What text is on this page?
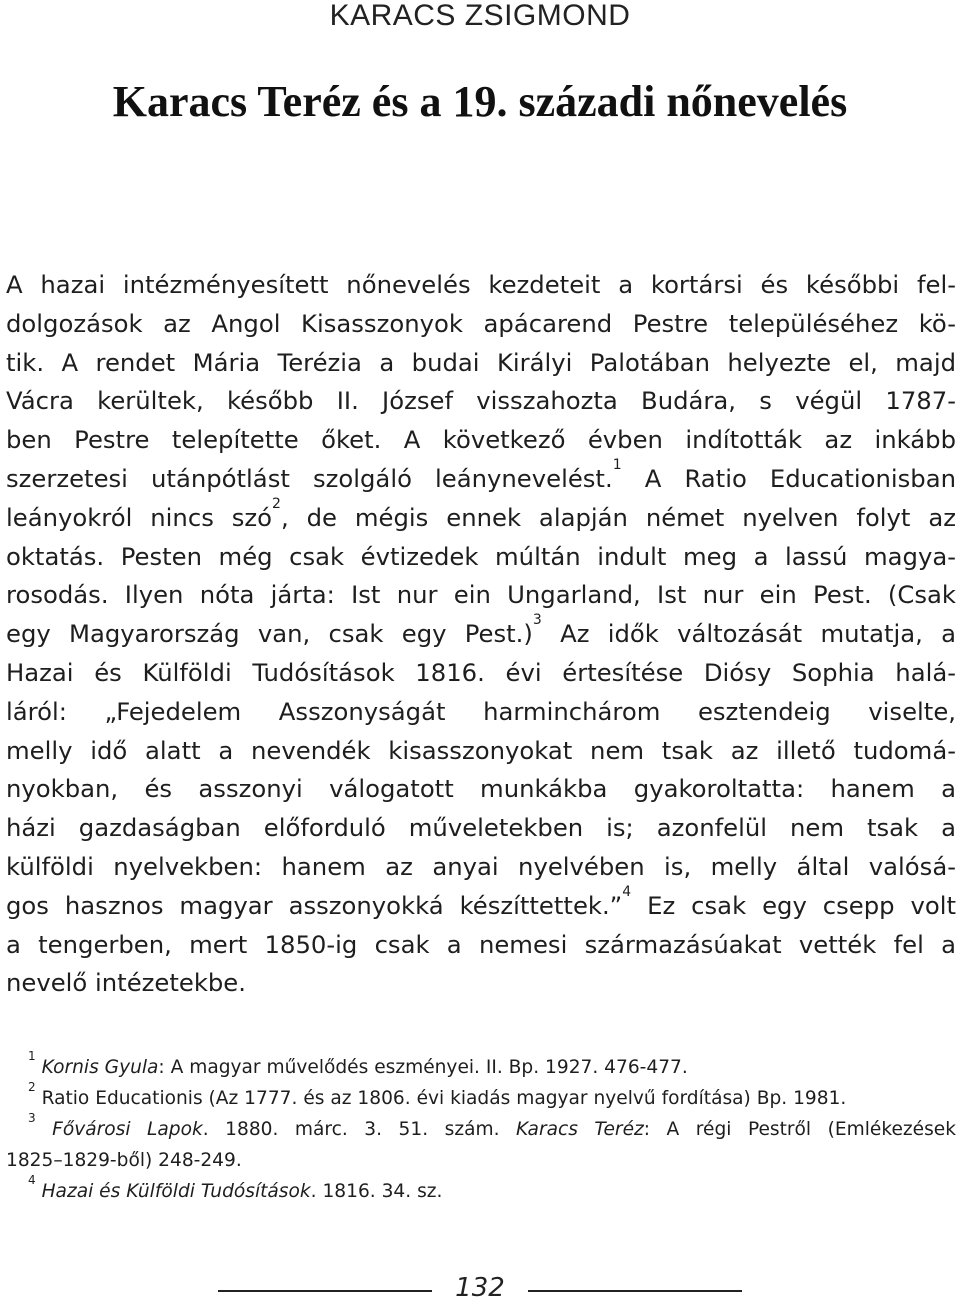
KARACS ZSIGMOND
Karacs Teréz és a 19. századi nőnevelés
A hazai intézményesített nőnevelés kezdeteit a kortársi és későbbi fel-
dolgozások az Angol Kisasszonyok apácarend Pestre településéhez kö-
tik. A rendet Mária Terézia a budai Királyi Palotában helyezte el, majd
Vácra kerültek, később II. József visszahozta Budára, s végül 1787-
ben Pestre telepítette őket. A következő évben indították az inkább
szerzetesi utánpótlást szolgáló leánynevelést.$^1$ A Ratio Educationisban
leányokról nincs szó$^2$, de mégis ennek alapján német nyelven folyt az
oktatás. Pesten még csak évtizedek múltán indult meg a lassú magya-
rosodás. Ilyen nóta járta: Ist nur ein Ungarland, Ist nur ein Pest. (Csak
egy Magyarország van, csak egy Pest.)$^3$ Az idők változását mutatja, a
Hazai és Külföldi Tudósítások 1816. évi értesítése Diósy Sophia halá-
láról: „Fejedelem Asszonyságát harminchárom esztendeig viselte,
melly idő alatt a nevendék kisasszonyokat nem tsak az illető tudomá-
nyokban, és asszonyi válogatott munkákba gyakoroltatta: hanem a
házi gazdaságban előforduló műveletekben is; azonfelül nem tsak a
külföldi nyelvekben: hanem az anyai nyelvében is, melly által valósá-
gos hasznos magyar asszonyokká készíttettek.”$^4$ Ez csak egy csepp volt
a tengerben, mert 1850-ig csak a nemesi származásúakat vették fel a
nevelő intézetekbe.
$^1$ Kornis Gyula: A magyar művelődés eszményei. II. Bp. 1927. 476-477.
$^2$ Ratio Educationis (Az 1777. és az 1806. évi kiadás magyar nyelvű fordítása) Bp. 1981.
$^3$ Fővárosi Lapok. 1880. márc. 3. 51. szám. Karacs Teréz: A régi Pestről (Emlékezések
1825–1829-ből) 248-249.
$^4$ Hazai és Külföldi Tudósítások. 1816. 34. sz.
132
